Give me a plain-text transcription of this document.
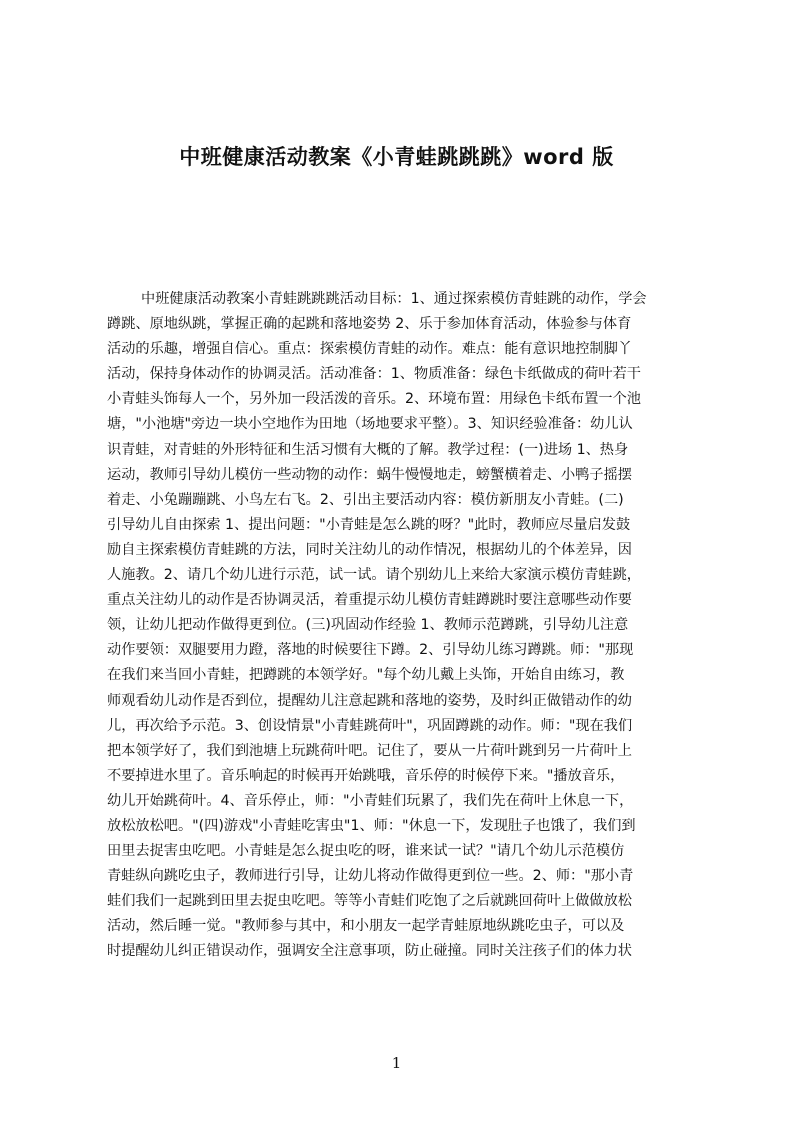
中班健康活动教案《小青蛙跳跳跳》word 版
中班健康活动教案小青蛙跳跳跳活动目标：1、通过探索模仿青蛙跳的动作，学会
蹲跳、原地纵跳，掌握正确的起跳和落地姿势 2、乐于参加体育活动，体验参与体育
活动的乐趣，增强自信心。重点：探索模仿青蛙的动作。难点：能有意识地控制脚丫
活动，保持身体动作的协调灵活。活动准备：1、物质准备：绿色卡纸做成的荷叶若干
小青蛙头饰每人一个，另外加一段活泼的音乐。2、环境布置：用绿色卡纸布置一个池
塘，"小池塘"旁边一块小空地作为田地（场地要求平整）。3、知识经验准备：幼儿认
识青蛙，对青蛙的外形特征和生活习惯有大概的了解。教学过程：(一)进场 1、热身
运动，教师引导幼儿模仿一些动物的动作：蜗牛慢慢地走，螃蟹横着走、小鸭子摇摆
着走、小兔蹦蹦跳、小鸟左右飞。2、引出主要活动内容：模仿新朋友小青蛙。(二)
引导幼儿自由探索 1、提出问题："小青蛙是怎么跳的呀？"此时，教师应尽量启发鼓
励自主探索模仿青蛙跳的方法，同时关注幼儿的动作情况，根据幼儿的个体差异，因
人施教。2、请几个幼儿进行示范，试一试。请个别幼儿上来给大家演示模仿青蛙跳，
重点关注幼儿的动作是否协调灵活，着重提示幼儿模仿青蛙蹲跳时要注意哪些动作要
领，让幼儿把动作做得更到位。(三)巩固动作经验 1、教师示范蹲跳，引导幼儿注意
动作要领：双腿要用力蹬，落地的时候要往下蹲。2、引导幼儿练习蹲跳。师："那现
在我们来当回小青蛙，把蹲跳的本领学好。"每个幼儿戴上头饰，开始自由练习，教
师观看幼儿动作是否到位，提醒幼儿注意起跳和落地的姿势，及时纠正做错动作的幼
儿，再次给予示范。3、创设情景"小青蛙跳荷叶"，巩固蹲跳的动作。师："现在我们
把本领学好了，我们到池塘上玩跳荷叶吧。记住了，要从一片荷叶跳到另一片荷叶上
不要掉进水里了。音乐响起的时候再开始跳哦，音乐停的时候停下来。"播放音乐，
幼儿开始跳荷叶。4、音乐停止，师："小青蛙们玩累了，我们先在荷叶上休息一下，
放松放松吧。"(四)游戏"小青蛙吃害虫"1、师："休息一下，发现肚子也饿了，我们到
田里去捉害虫吃吧。小青蛙是怎么捉虫吃的呀，谁来试一试？"请几个幼儿示范模仿
青蛙纵向跳吃虫子，教师进行引导，让幼儿将动作做得更到位一些。2、师："那小青
蛙们我们一起跳到田里去捉虫吃吧。等等小青蛙们吃饱了之后就跳回荷叶上做做放松
活动，然后睡一觉。"教师参与其中，和小朋友一起学青蛙原地纵跳吃虫子，可以及
时提醒幼儿纠正错误动作，强调安全注意事项，防止碰撞。同时关注孩子们的体力状
1
